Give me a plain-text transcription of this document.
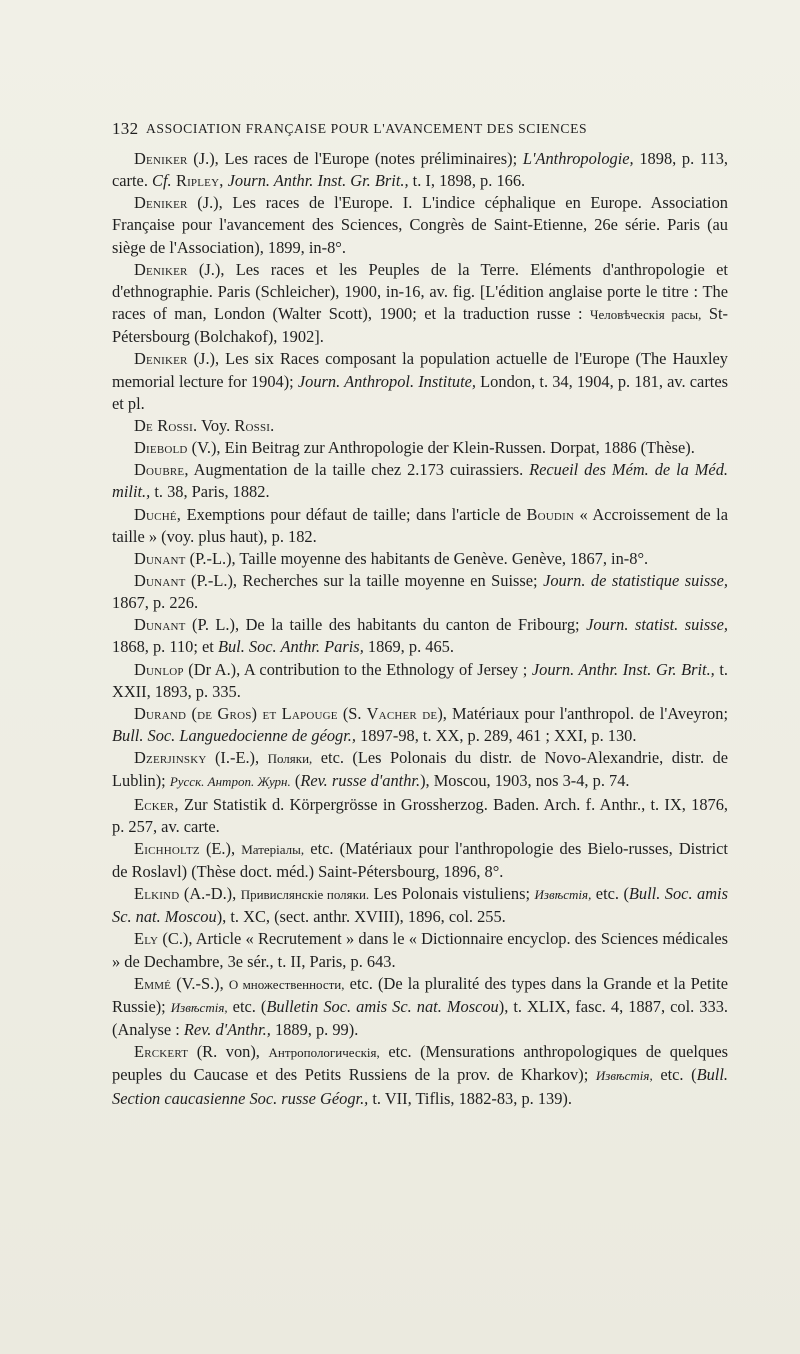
132 ASSOCIATION FRANÇAISE POUR L'AVANCEMENT DES SCIENCES

Deniker (J.), Les races de l'Europe (notes préliminaires); L'Anthropologie, 1898, p. 113, carte. Cf. Ripley, Journ. Anthr. Inst. Gr. Brit., t. I, 1898, p. 166.

Deniker (J.), Les races de l'Europe. I. L'indice céphalique en Europe. Association Française pour l'avancement des Sciences, Congrès de Saint-Etienne, 26e série. Paris (au siège de l'Association), 1899, in-8°.

Deniker (J.), Les races et les Peuples de la Terre. Eléments d'anthropologie et d'ethnographie. Paris (Schleicher), 1900, in-16, av. fig. [L'édition anglaise porte le titre : The races of man, London (Walter Scott), 1900; et la traduction russe : Человѣческія расы, St-Pétersbourg (Bolchakof), 1902].

Deniker (J.), Les six Races composant la population actuelle de l'Europe (The Hauxley memorial lecture for 1904); Journ. Anthropol. Institute, London, t. 34, 1904, p. 181, av. cartes et pl.

De Rossi. Voy. Rossi.

Diebold (V.), Ein Beitrag zur Anthropologie der Klein-Russen. Dorpat, 1886 (Thèse).

Doubre, Augmentation de la taille chez 2.173 cuirassiers. Recueil des Mém. de la Méd. milit., t. 38, Paris, 1882.

Duché, Exemptions pour défaut de taille; dans l'article de Boudin « Accroissement de la taille » (voy. plus haut), p. 182.

Dunant (P.-L.), Taille moyenne des habitants de Genève. Genève, 1867, in-8°.

Dunant (P.-L.), Recherches sur la taille moyenne en Suisse; Journ. de statistique suisse, 1867, p. 226.

Dunant (P. L.), De la taille des habitants du canton de Fribourg; Journ. statist. suisse, 1868, p. 110; et Bul. Soc. Anthr. Paris, 1869, p. 465.

Dunlop (Dr A.), A contribution to the Ethnology of Jersey ; Journ. Anthr. Inst. Gr. Brit., t. XXII, 1893, p. 335.

Durand (de Gros) et Lapouge (S. Vacher de), Matériaux pour l'anthropol. de l'Aveyron; Bull. Soc. Languedocienne de géogr., 1897-98, t. XX, p. 289, 461 ; XXI, p. 130.

Dzerjinsky (I.-E.), Поляки, etc. (Les Polonais du distr. de Novo-Alexandrie, distr. de Lublin); Русск. Антроп. Журн. (Rev. russe d'anthr.), Moscou, 1903, nos 3-4, p. 74.

Ecker, Zur Statistik d. Körpergrösse in Grossherzog. Baden. Arch. f. Anthr., t. IX, 1876, p. 257, av. carte.

Eichholtz (E.), Матеріалы, etc. (Matériaux pour l'anthropologie des Bielo-russes, District de Roslavl) (Thèse doct. méd.) Saint-Pétersbourg, 1896, 8°.

Elkind (A.-D.), Привислянскіе поляки. Les Polonais vistuliens; Извѣстія, etc. (Bull. Soc. amis Sc. nat. Moscou), t. XC, (sect. anthr. XVIII), 1896, col. 255.

Ely (C.), Article « Recrutement » dans le « Dictionnaire encyclop. des Sciences médicales » de Dechambre, 3e sér., t. II, Paris, p. 643.

Emmé (V.-S.), О множественности, etc. (De la pluralité des types dans la Grande et la Petite Russie); Извѣстія, etc. (Bulletin Soc. amis Sc. nat. Moscou), t. XLIX, fasc. 4, 1887, col. 333. (Analyse : Rev. d'Anthr., 1889, p. 99).

Erckert (R. von), Антропологическія, etc. (Mensurations anthropologiques de quelques peuples du Caucase et des Petits Russiens de la prov. de Kharkov); Извѣстія, etc. (Bull. Section caucasienne Soc. russe Géogr., t. VII, Tiflis, 1882-83, p. 139).
